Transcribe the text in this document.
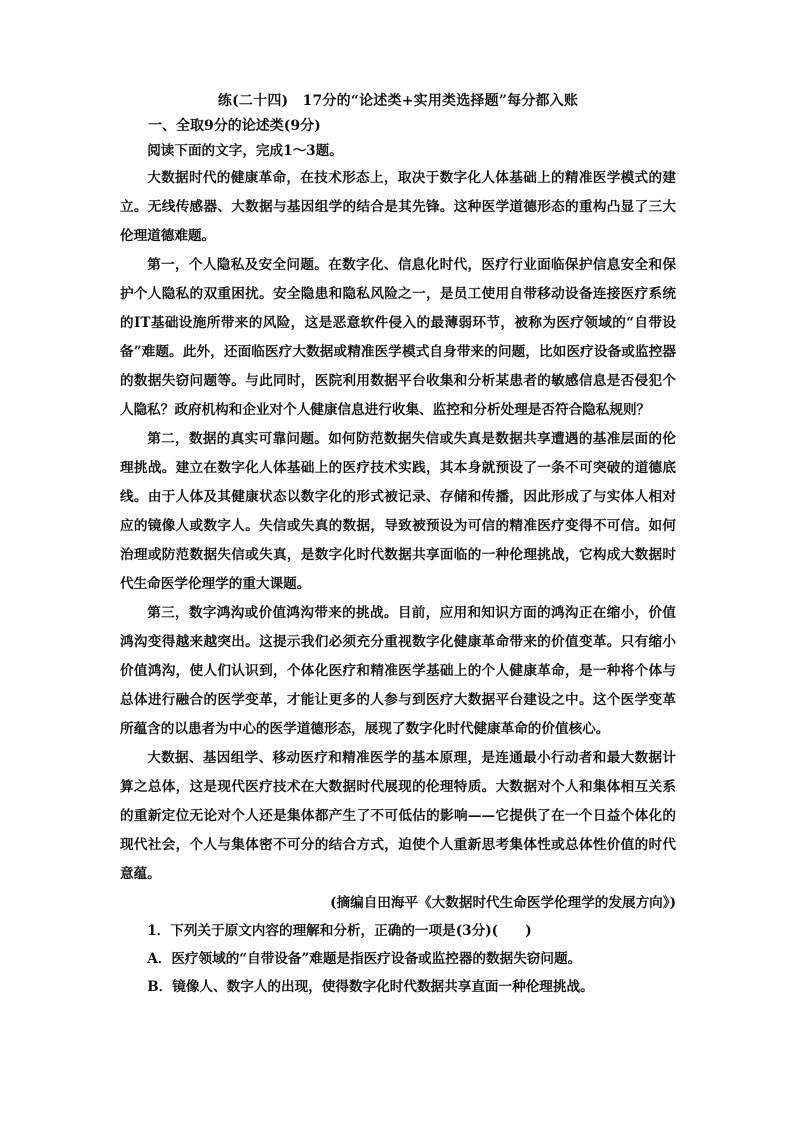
练(二十四)　17分的“论述类+实用类选择题”每分都入账

一、全取9分的论述类(9分)

阅读下面的文字，完成1～3题。

大数据时代的健康革命，在技术形态上，取决于数字化人体基础上的精准医学模式的建立。无线传感器、大数据与基因组学的结合是其先锋。这种医学道德形态的重构凸显了三大伦理道德难题。

第一，个人隐私及安全问题。在数字化、信息化时代，医疗行业面临保护信息安全和保护个人隐私的双重困扰。安全隐患和隐私风险之一，是员工使用自带移动设备连接医疗系统的IT基础设施所带来的风险，这是恶意软件侵入的最薄弱环节，被称为医疗领域的“自带设备”难题。此外，还面临医疗大数据或精准医学模式自身带来的问题，比如医疗设备或监控器的数据失窃问题等。与此同时，医院利用数据平台收集和分析某患者的敏感信息是否侵犯个人隐私？政府机构和企业对个人健康信息进行收集、监控和分析处理是否符合隐私规则？

第二，数据的真实可靠问题。如何防范数据失信或失真是数据共享遭遇的基准层面的伦理挑战。建立在数字化人体基础上的医疗技术实践，其本身就预设了一条不可突破的道德底线。由于人体及其健康状态以数字化的形式被记录、存储和传播，因此形成了与实体人相对应的镜像人或数字人。失信或失真的数据，导致被预设为可信的精准医疗变得不可信。如何治理或防范数据失信或失真，是数字化时代数据共享面临的一种伦理挑战，它构成大数据时代生命医学伦理学的重大课题。

第三，数字鸿沟或价值鸿沟带来的挑战。目前，应用和知识方面的鸿沟正在缩小，价值鸿沟变得越来越突出。这提示我们必须充分重视数字化健康革命带来的价值变革。只有缩小价值鸿沟，使人们认识到，个体化医疗和精准医学基础上的个人健康革命，是一种将个体与总体进行融合的医学变革，才能让更多的人参与到医疗大数据平台建设之中。这个医学变革所蕴含的以患者为中心的医学道德形态，展现了数字化时代健康革命的价值核心。

大数据、基因组学、移动医疗和精准医学的基本原理，是连通最小行动者和最大数据计算之总体，这是现代医疗技术在大数据时代展现的伦理特质。大数据对个人和集体相互关系的重新定位无论对个人还是集体都产生了不可低估的影响——它提供了在一个日益个体化的现代社会，个人与集体密不可分的结合方式，迫使个人重新思考集体性或总体性价值的时代意蕴。

(摘编自田海平《大数据时代生命医学伦理学的发展方向》)

1．下列关于原文内容的理解和分析，正确的一项是(3分)(　　)

A．医疗领域的“自带设备”难题是指医疗设备或监控器的数据失窃问题。

B．镜像人、数字人的出现，使得数字化时代数据共享直面一种伦理挑战。
